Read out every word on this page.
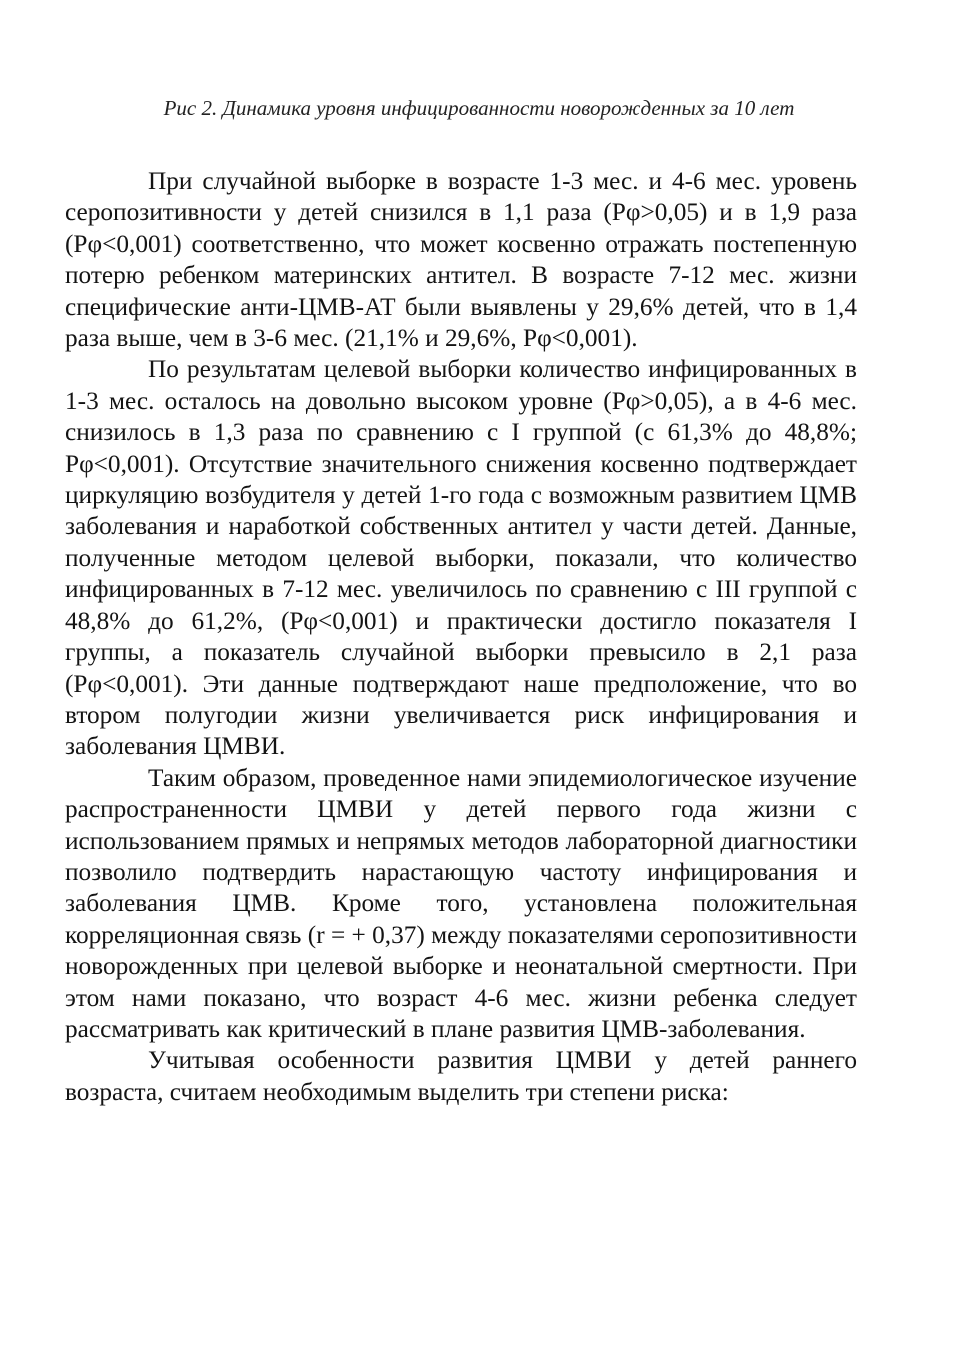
Рис 2. Динамика уровня инфицированности новорожденных за 10 лет

При случайной выборке в возрасте 1-3 мес. и 4-6 мес. уровень серопозитивности у детей снизился в 1,1 раза (Рφ>0,05) и в 1,9 раза (Рφ<0,001) соответственно, что может косвенно отражать постепенную потерю ребенком материнских антител. В возрасте 7-12 мес. жизни специфические анти-ЦМВ-АТ были выявлены у 29,6% детей, что в 1,4 раза выше, чем в 3-6 мес. (21,1% и 29,6%, Рφ<0,001).

По результатам целевой выборки количество инфицированных в 1-3 мес. осталось на довольно высоком уровне (Рφ>0,05), а в 4-6 мес. снизилось в 1,3 раза по сравнению с I группой (с 61,3% до 48,8%; Рφ<0,001). Отсутствие значительного снижения косвенно подтверждает циркуляцию возбудителя у детей 1-го года с возможным развитием ЦМВ заболевания и наработкой собственных антител у части детей. Данные, полученные методом целевой выборки, показали, что количество инфицированных в 7-12 мес. увеличилось по сравнению с III группой с 48,8% до 61,2%, (Рφ<0,001) и практически достигло показателя I группы, а показатель случайной выборки превысило в 2,1 раза (Рφ<0,001). Эти данные подтверждают наше предположение, что во втором полугодии жизни увеличивается риск инфицирования и заболевания ЦМВИ.

Таким образом, проведенное нами эпидемиологическое изучение распространенности ЦМВИ у детей первого года жизни с использованием прямых и непрямых методов лабораторной диагностики позволило подтвердить нарастающую частоту инфицирования и заболевания ЦМВ. Кроме того, установлена положительная корреляционная связь (r = + 0,37) между показателями серопозитивности новорожденных при целевой выборке и неонатальной смертности. При этом нами показано, что возраст 4-6 мес. жизни ребенка следует рассматривать как критический в плане развития ЦМВ-заболевания.

Учитывая особенности развития ЦМВИ у детей раннего возраста, считаем необходимым выделить три степени риска:
